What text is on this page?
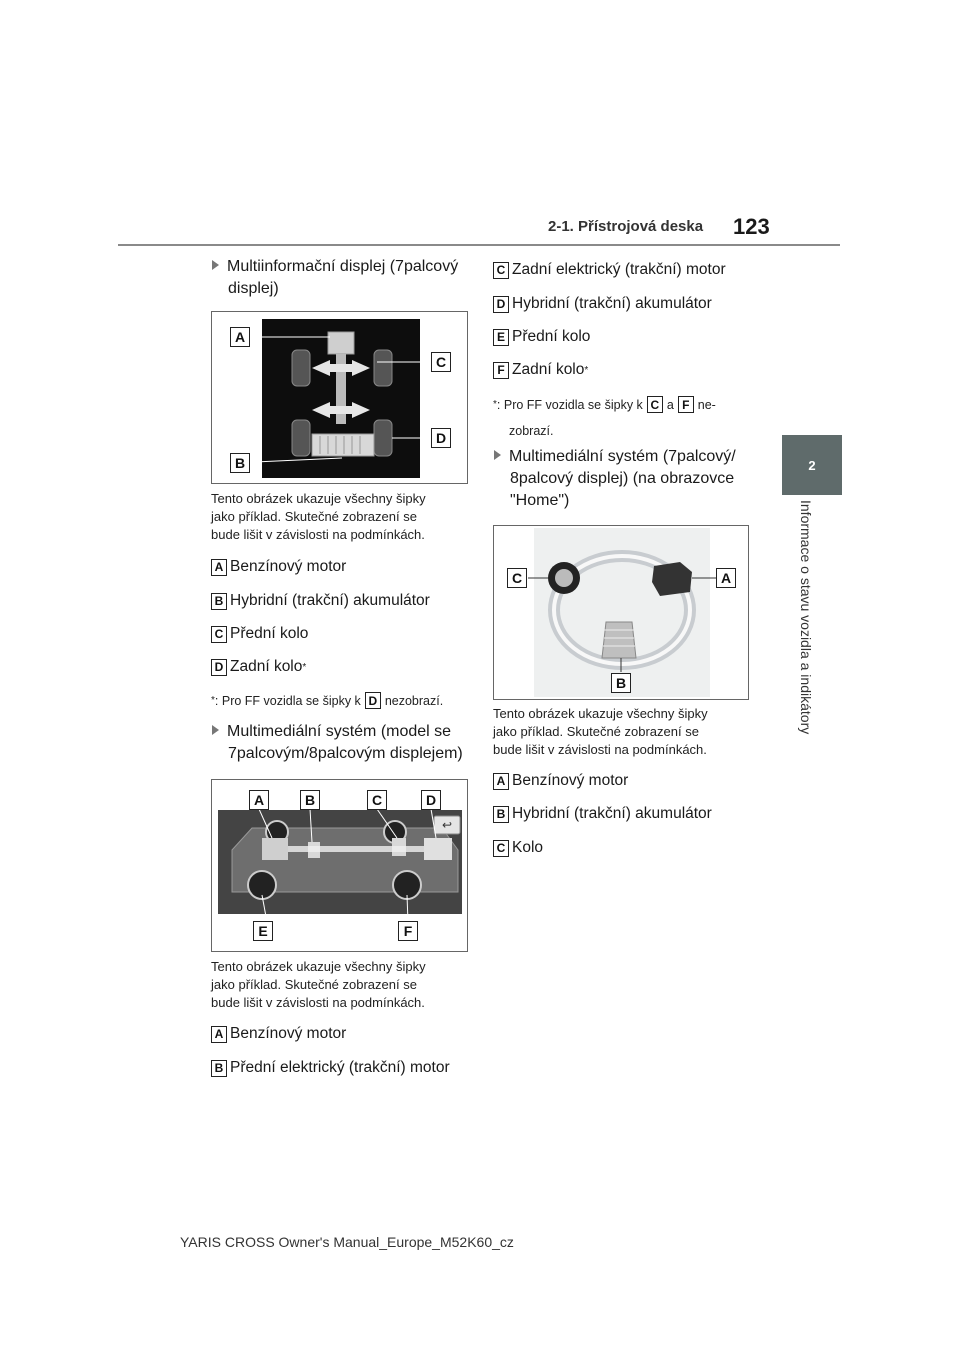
2-1. Přístrojová deska 123
2
Informace o stavu vozidla a indikátory
Multiinformační displej (7palcový
displej)
A
C
D
B
Tento obrázek ukazuje všechny šipky
jako příklad. Skutečné zobrazení se
bude lišit v závislosti na podmínkách.
A Benzínový motor
B Hybridní (trakční) akumulátor
C Přední kolo
D Zadní kolo *
* :
Pro FF vozidla se šipky k D nezobrazí.
Multimediální systém (model se
7palcovým/8palcovým displejem)
↩
A	B	C	D
E	F
Tento obrázek ukazuje všechny šipky
jako příklad. Skutečné zobrazení se
bude lišit v závislosti na podmínkách.
A Benzínový motor
B Přední elektrický (trakční) motor
C Zadní elektrický (trakční) motor
D Hybridní (trakční) akumulátor
E Přední kolo
F Zadní kolo *
* :
Pro FF vozidla se šipky k C a F ne-
zobrazí.
Multimediální systém (7palcový/
8palcový displej) (na obrazovce
"Home")
C	A
B
Tento obrázek ukazuje všechny šipky
jako příklad. Skutečné zobrazení se
bude lišit v závislosti na podmínkách.
A Benzínový motor
B Hybridní (trakční) akumulátor
C Kolo
YARIS CROSS Owner's Manual_Europe_M52K60_cz
